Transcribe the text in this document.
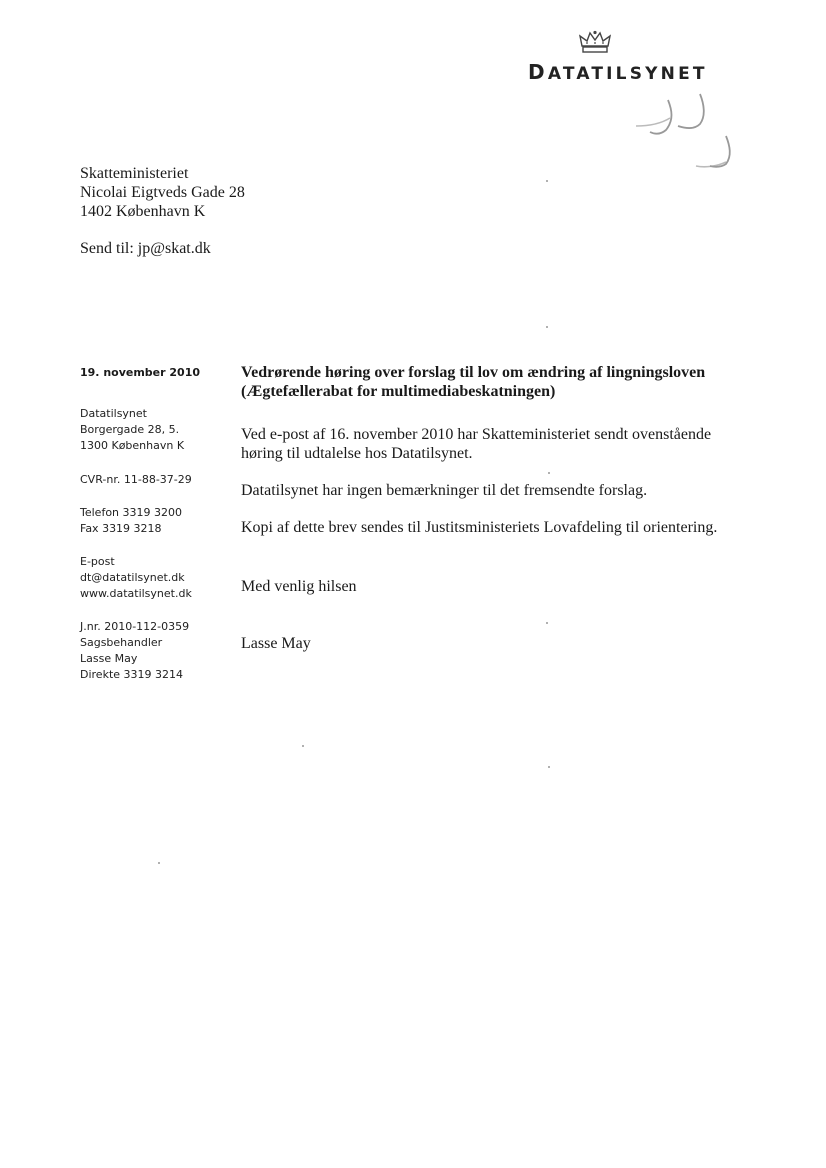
DATATILSYNET
Skatteministeriet
Nicolai Eigtveds Gade 28
1402 København K
Send til: jp@skat.dk
19. november 2010
Datatilsynet
Borgergade 28, 5.
1300 København K
CVR-nr. 11-88-37-29
Telefon 3319 3200
Fax 3319 3218
E-post
dt@datatilsynet.dk
www.datatilsynet.dk
J.nr. 2010-112-0359
Sagsbehandler
Lasse May
Direkte 3319 3214
Vedrørende høring over forslag til lov om ændring af lingningsloven
(Ægtefællerabat for multimediabeskatningen)
Ved e-post af 16. november 2010 har Skatteministeriet sendt ovenstående
høring til udtalelse hos Datatilsynet.
Datatilsynet har ingen bemærkninger til det fremsendte forslag.
Kopi af dette brev sendes til Justitsministeriets Lovafdeling til orientering.
Med venlig hilsen
Lasse May
